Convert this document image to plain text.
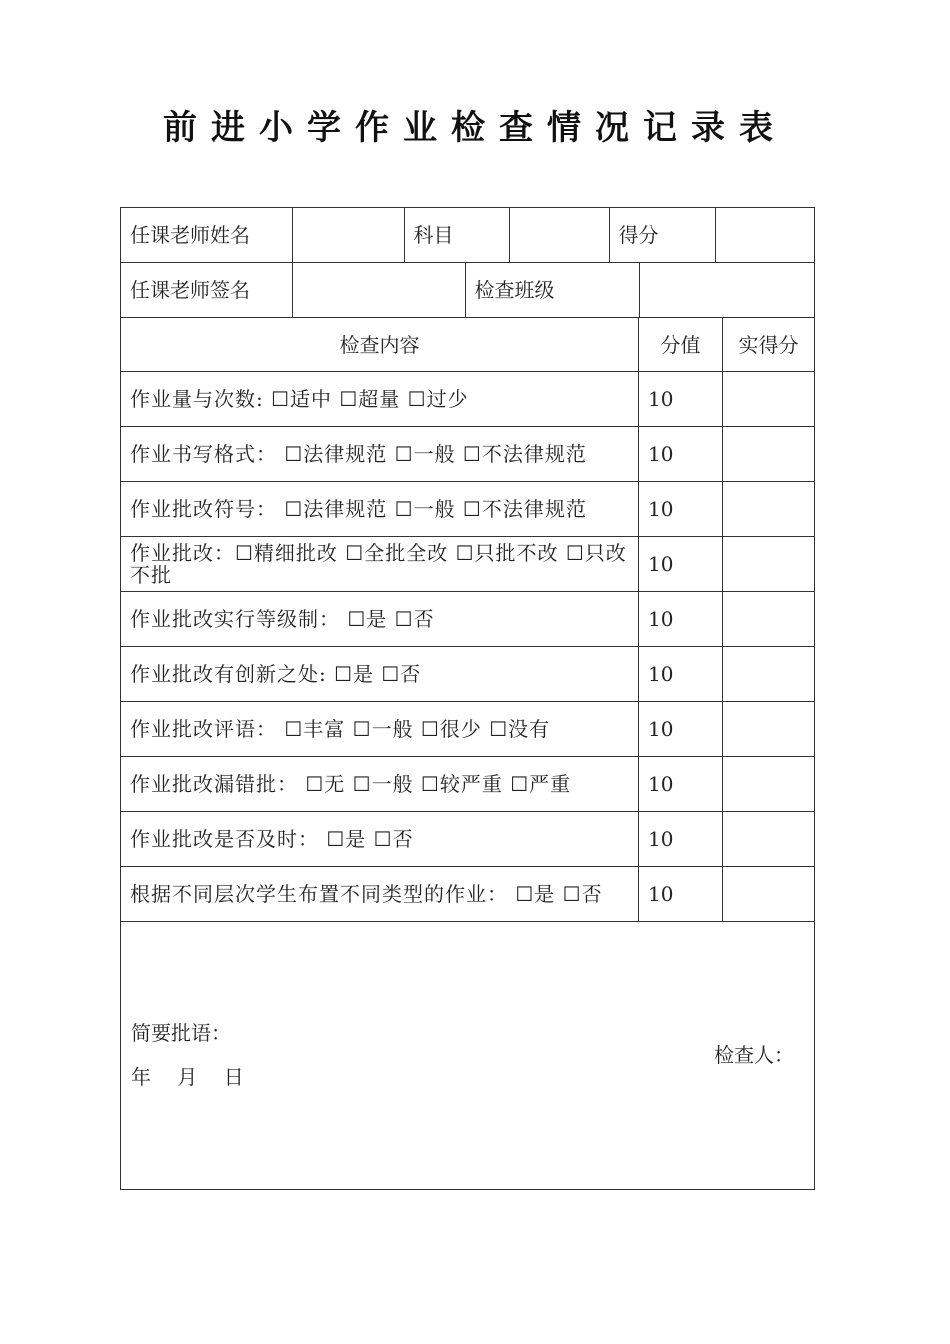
前进小学作业检查情况记录表
任课老师姓名		科目		得分	

任课老师签名		检查班级	

检查内容	分值	实得分
作业量与次数: ☐适中 ☐超量 ☐过少	10	
作业书写格式： ☐法律规范 ☐一般 ☐不法律规范	10	
作业批改符号： ☐法律规范 ☐一般 ☐不法律规范	10	
作业批改：☐精细批改 ☐全批全改 ☐只批不改 ☐只改不批	10	
作业批改实行等级制： ☐是 ☐否	10	
作业批改有创新之处: ☐是 ☐否	10	
作业批改评语： ☐丰富 ☐一般 ☐很少 ☐没有	10	
作业批改漏错批： ☐无 ☐一般 ☐较严重 ☐严重	10	
作业批改是否及时： ☐是 ☐否	10	
根据不同层次学生布置不同类型的作业： ☐是 ☐否	10	

简要批语：
检查人：
年 月 日
